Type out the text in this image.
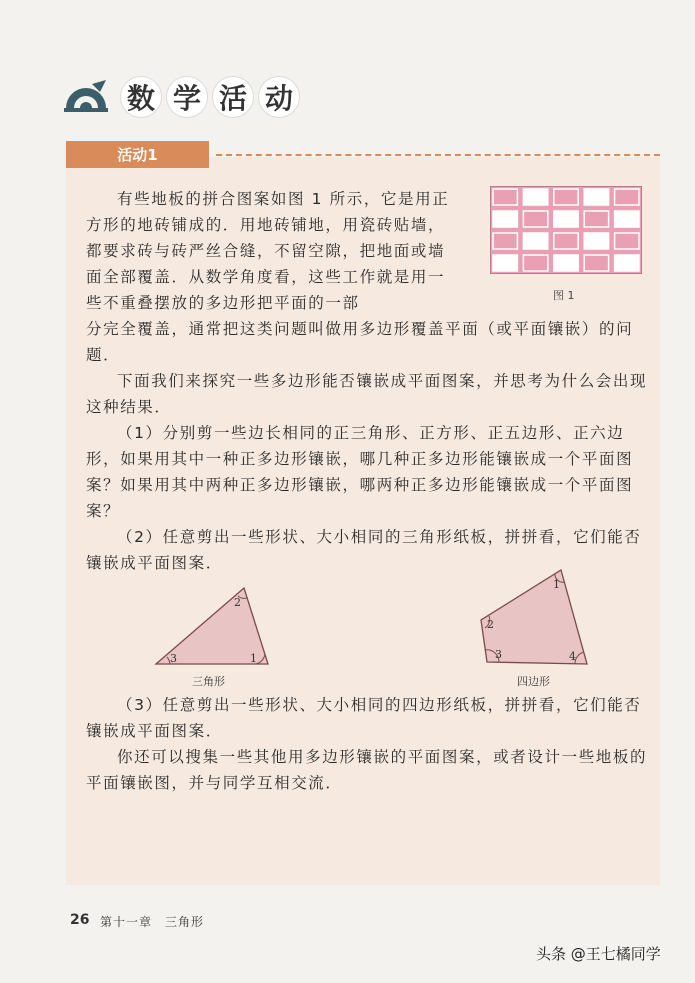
数 学 活 动
活动1
有些地板的拼合图案如图 1 所示，它是用正方形的地砖铺成的．用地砖铺地，用瓷砖贴墙，都要求砖与砖严丝合缝，不留空隙，把地面或墙面全部覆盖．从数学角度看，这些工作就是用一些不重叠摆放的多边形把平面的一部
分完全覆盖，通常把这类问题叫做用多边形覆盖平面（或平面镶嵌）的问题．
下面我们来探究一些多边形能否镶嵌成平面图案，并思考为什么会出现这种结果．
（1）分别剪一些边长相同的正三角形、正方形、正五边形、正六边形，如果用其中一种正多边形镶嵌，哪几种正多边形能镶嵌成一个平面图案？如果用其中两种正多边形镶嵌，哪两种正多边形能镶嵌成一个平面图案？
（2）任意剪出一些形状、大小相同的三角形纸板，拼拼看，它们能否镶嵌成平面图案．
（3）任意剪出一些形状、大小相同的四边形纸板，拼拼看，它们能否镶嵌成平面图案．
你还可以搜集一些其他用多边形镶嵌的平面图案，或者设计一些地板的平面镶嵌图，并与同学互相交流．
图 1
1
2
3
三角形
1
2
3	4
四边形
26 第十一章　三角形
头条 @王七橘同学
